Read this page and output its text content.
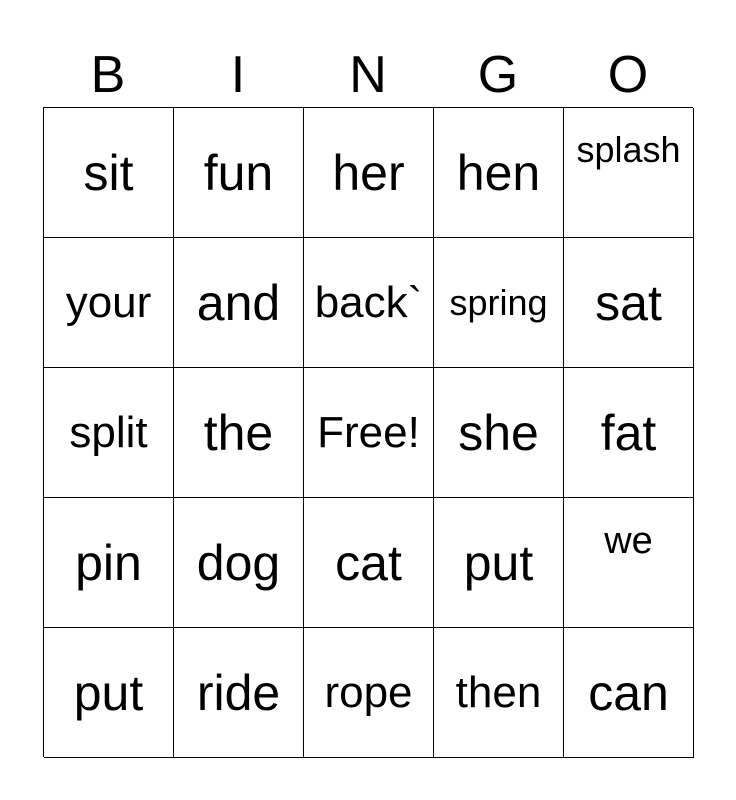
B	I	N	G	O
sit	fun	her	hen	splash
your and back` spring sat
split	the Free! she	fat
pin	dog	cat	put	we
put	ride	rope then can
